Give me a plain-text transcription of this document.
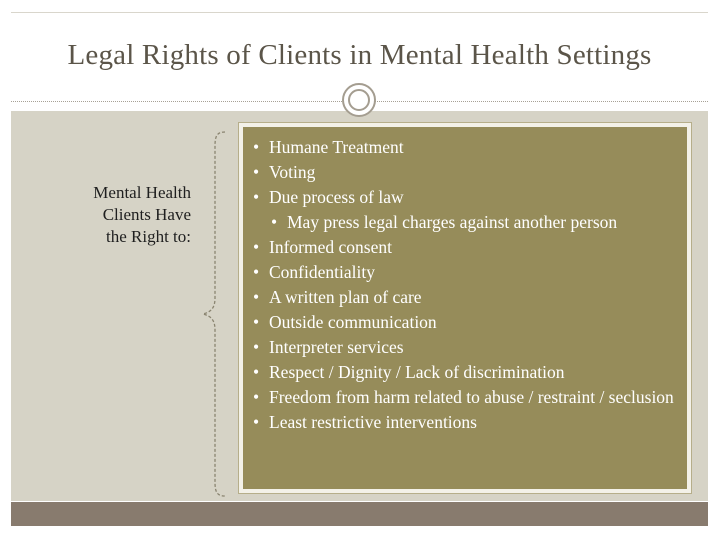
Legal Rights of Clients in Mental Health Settings
Mental Health
Clients Have
the Right to:
• Humane Treatment
• Voting
• Due process of law
• May press legal charges against another person
• Informed consent
• Confidentiality
• A written plan of care
• Outside communication
• Interpreter services
• Respect / Dignity / Lack of discrimination
• Freedom from harm related to abuse / restraint / seclusion
• Least restrictive interventions
